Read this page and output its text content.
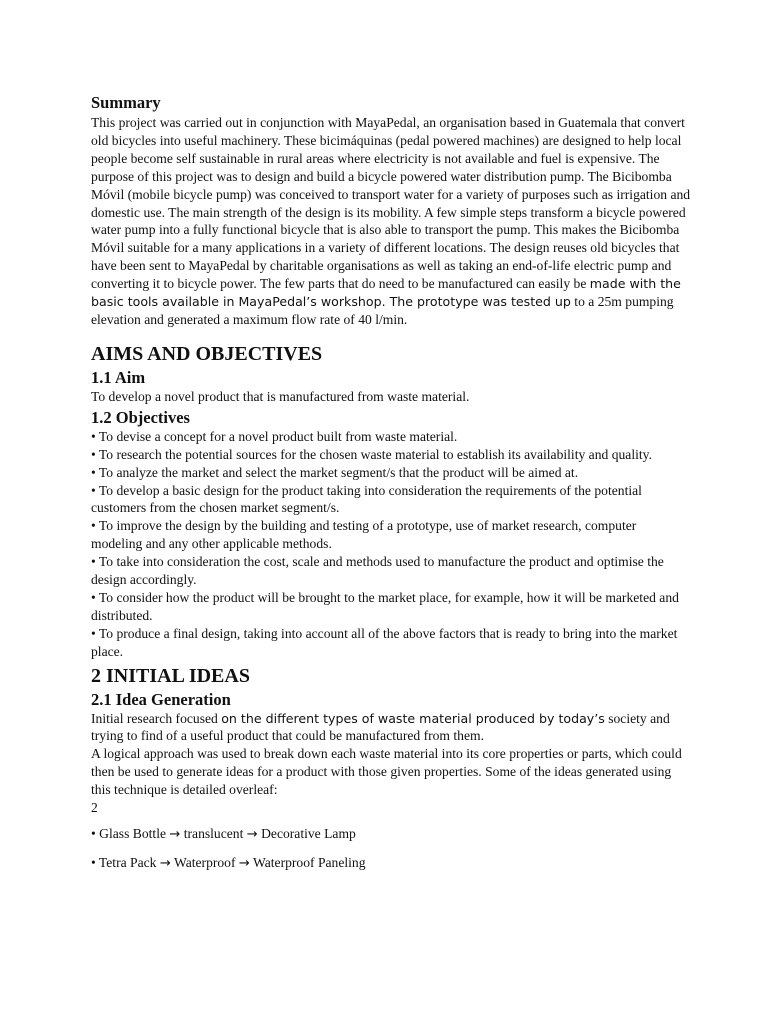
Summary

This project was carried out in conjunction with MayaPedal, an organisation based in Guatemala that convert old bicycles into useful machinery. These bicimáquinas (pedal powered machines) are designed to help local people become self sustainable in rural areas where electricity is not available and fuel is expensive. The purpose of this project was to design and build a bicycle powered water distribution pump. The Bicibomba Móvil (mobile bicycle pump) was conceived to transport water for a variety of purposes such as irrigation and domestic use. The main strength of the design is its mobility. A few simple steps transform a bicycle powered water pump into a fully functional bicycle that is also able to transport the pump. This makes the Bicibomba Móvil suitable for a many applications in a variety of different locations. The design reuses old bicycles that have been sent to MayaPedal by charitable organisations as well as taking an end-of-life electric pump and converting it to bicycle power. The few parts that do need to be manufactured can easily be made with the basic tools available in MayaPedal’s workshop. The prototype was tested up to a 25m pumping elevation and generated a maximum flow rate of 40 l/min.

AIMS AND OBJECTIVES
1.1 Aim

To develop a novel product that is manufactured from waste material.

1.2 Objectives

• To devise a concept for a novel product built from waste material.

• To research the potential sources for the chosen waste material to establish its availability and quality.

• To analyze the market and select the market segment/s that the product will be aimed at.

• To develop a basic design for the product taking into consideration the requirements of the potential customers from the chosen market segment/s.

• To improve the design by the building and testing of a prototype, use of market research, computer modeling and any other applicable methods.

• To take into consideration the cost, scale and methods used to manufacture the product and optimise the design accordingly.

• To consider how the product will be brought to the market place, for example, how it will be marketed and distributed.

• To produce a final design, taking into account all of the above factors that is ready to bring into the market place.

2 INITIAL IDEAS
2.1 Idea Generation

Initial research focused on the different types of waste material produced by today’s society and trying to find of a useful product that could be manufactured from them.

A logical approach was used to break down each waste material into its core properties or parts, which could then be used to generate ideas for a product with those given properties. Some of the ideas generated using this technique is detailed overleaf:

2

• Glass Bottle → translucent → Decorative Lamp

• Tetra Pack → Waterproof → Waterproof Paneling
